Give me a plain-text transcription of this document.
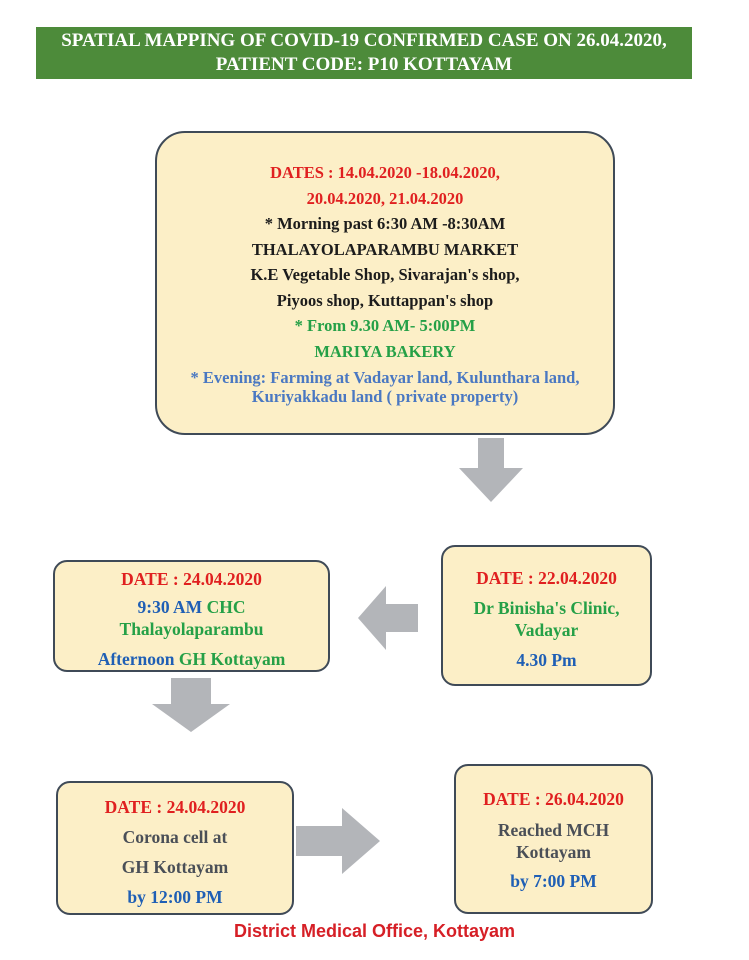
SPATIAL MAPPING OF COVID-19 CONFIRMED CASE ON 26.04.2020,
PATIENT CODE: P10 KOTTAYAM
DATES : 14.04.2020 -18.04.2020,
20.04.2020, 21.04.2020
* Morning past 6:30 AM -8:30AM
THALAYOLAPARAMBU MARKET
K.E Vegetable Shop, Sivarajan's shop,
Piyoos shop, Kuttappan's shop
* From 9.30 AM- 5:00PM
MARIYA BAKERY
* Evening: Farming at Vadayar land, Kulunthara land,
Kuriyakkadu land ( private property)
DATE : 22.04.2020
Dr Binisha's Clinic,
Vadayar
4.30 Pm
DATE : 24.04.2020
9:30 AM CHC
Thalayolaparambu
Afternoon GH Kottayam
DATE : 24.04.2020
Corona cell at
GH Kottayam
by 12:00 PM
DATE : 26.04.2020
Reached MCH
Kottayam
by 7:00 PM
District Medical Office, Kottayam
